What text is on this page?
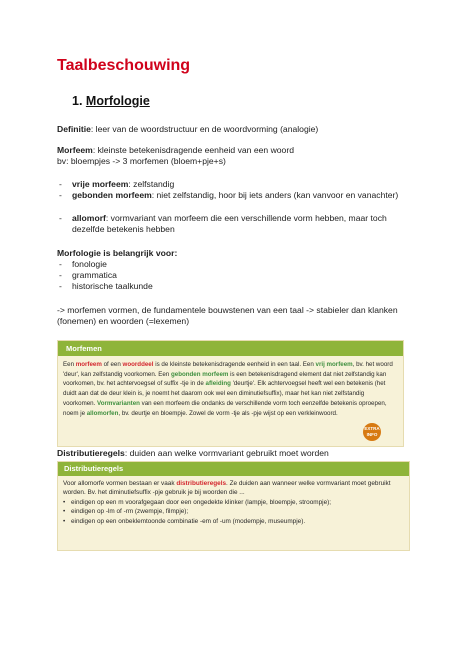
Taalbeschouwing
1. Morfologie
Definitie: leer van de woordstructuur en de woordvorming (analogie)
Morfeem: kleinste betekenisdragende eenheid van een woord
bv: bloempjes -> 3 morfemen (bloem+pje+s)
- vrije morfeem: zelfstandig
- gebonden morfeem: niet zelfstandig, hoor bij iets anders (kan vanvoor en vanachter)
- allomorf: vormvariant van morfeem die een verschillende vorm hebben, maar toch dezelfde betekenis hebben
Morfologie is belangrijk voor:
- fonologie
- grammatica
- historische taalkunde
-> morfemen vormen, de fundamentele bouwstenen van een taal -> stabieler dan klanken (fonemen) en woorden (=lexemen)
Morfemen
Een morfeem of een woorddeel is de kleinste betekenisdragende eenheid in een taal. Een vrij morfeem, bv. het woord 'deur', kan zelfstandig voorkomen. Een gebonden morfeem is een betekenisdragend element dat niet zelfstandig kan voorkomen, bv. het achtervoegsel of suffix -tje in de afleiding 'deurtje'. Elk achtervoegsel heeft wel een betekenis (het duidt aan dat de deur klein is, je noemt het daarom ook wel een diminutiefsuffix), maar het kan niet zelfstandig voorkomen. Vormvarianten van een morfeem die ondanks de verschillende vorm toch eenzelfde betekenis oproepen, noem je allomorfen, bv. deurtje en bloempje. Zowel de vorm -tje als -pje wijst op een verkleinwoord.
EXTRA INFO
Distributieregels: duiden aan welke vormvariant gebruikt moet worden
Distributieregels
Voor allomorfe vormen bestaan er vaak distributieregels. Ze duiden aan wanneer welke vormvariant moet gebruikt worden. Bv. het diminutiefsuffix -pje gebruik je bij woorden die ...
• eindigen op een m voorafgegaan door een ongedekte klinker (lampje, bloempje, stroompje);
• eindigen op -lm of -rm (zwempje, filmpje);
• eindigen op een onbeklemtoonde combinatie -em of -um (modempje, museumpje).
